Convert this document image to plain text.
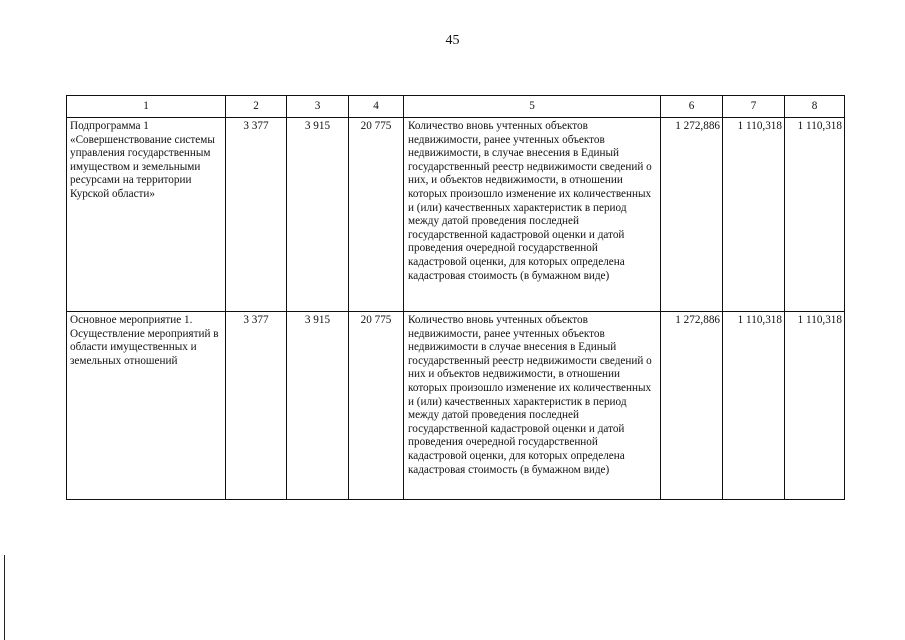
45
1	2	3	4	5	6	7	8
Подпрограмма 1 «Совершенствование системы управления государственным имуществом и земельными ресурсами на территории Курской области»	3 377	3 915	20 775	Количество вновь учтенных объектов недвижимости, ранее учтенных объектов недвижимости, в случае внесения в Единый государственный реестр недвижимости сведений о них, и объектов недвижимости, в отношении которых произошло изменение их количественных и (или) качественных характеристик в период между датой проведения последней государственной кадастровой оценки и датой проведения очередной государственной кадастровой оценки, для которых определена кадастровая стоимость (в бумажном виде)	1 272,886	1 110,318	1 110,318
Основное мероприятие 1. Осуществление мероприятий в области имущественных и земельных отношений	3 377	3 915	20 775	Количество вновь учтенных объектов недвижимости, ранее учтенных объектов недвижимости в случае внесения в Единый государственный реестр недвижимости сведений о них и объектов недвижимости, в отношении которых произошло изменение их количественных и (или) качественных характеристик в период между датой проведения последней государственной кадастровой оценки и датой проведения очередной государственной кадастровой оценки, для которых определена кадастровая стоимость (в бумажном виде)	1 272,886	1 110,318	1 110,318
